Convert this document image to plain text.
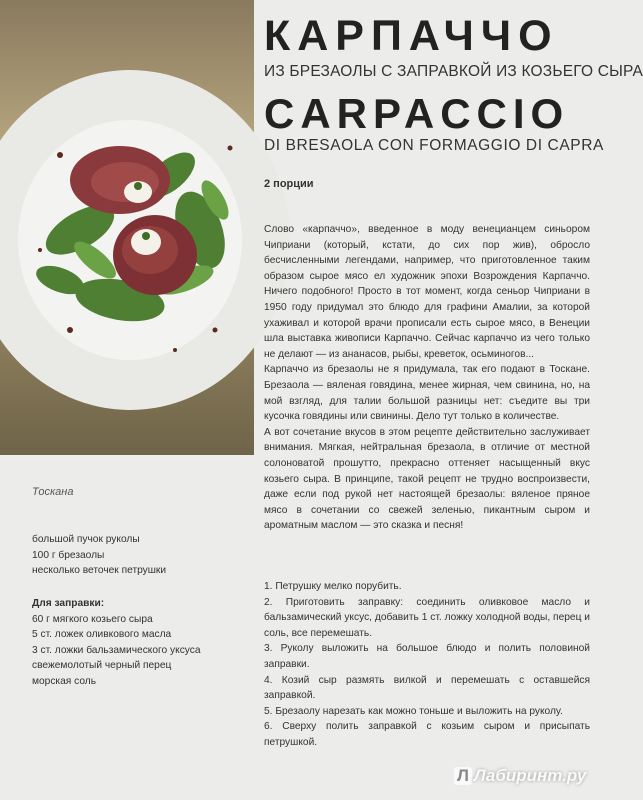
КАРПАЧЧО
ИЗ БРЕЗАОЛЫ С ЗАПРАВКОЙ ИЗ КОЗЬЕГО СЫРА
CARPACCIO
DI BRESAOLA CON FORMAGGIO DI CAPRA
2 порции

Слово «карпаччо», введенное в моду венецианцем синьором Чиприани (который, кстати, до сих пор жив), обросло бесчисленными легендами, например, что приготовленное таким образом сырое мясо ел художник эпохи Возрождения Карпаччо. Ничего подобного! Просто в тот момент, когда сеньор Чиприани в 1950 году придумал это блюдо для графини Амалии, за которой ухаживал и которой врачи прописали есть сырое мясо, в Венеции шла выставка живописи Карпаччо. Сейчас карпаччо из чего только не делают — из ананасов, рыбы, креветок, осьминогов...

Карпаччо из брезаолы не я придумала, так его подают в Тоскане. Брезаола — вяленая говядина, менее жирная, чем свинина, но, на мой взгляд, для талии большой разницы нет: съедите вы три кусочка говядины или свинины. Дело тут только в количестве.

А вот сочетание вкусов в этом рецепте действительно заслуживает внимания. Мягкая, нейтральная брезаола, в отличие от местной солоноватой прошутто, прекрасно оттеняет насыщенный вкус козьего сыра. В принципе, такой рецепт не трудно воспроизвести, даже если под рукой нет настоящей брезаолы: вяленое пряное мясо в сочетании со свежей зеленью, пикантным сыром и ароматным маслом — это сказка и песня!

Тоскана
большой пучок руколы
100 г брезаолы
несколько веточек петрушки
Для заправки:
60 г мягкого козьего сыра
5 ст. ложек оливкового масла
3 ст. ложки бальзамического уксуса
свежемолотый черный перец
морская соль
1. Петрушку мелко порубить.
2. Приготовить заправку: соединить оливковое масло и бальзамический уксус, добавить 1 ст. ложку холодной воды, перец и соль, все перемешать.
3. Руколу выложить на большое блюдо и полить половиной заправки.
4. Козий сыр размять вилкой и перемешать с оставшейся заправкой.
5. Брезаолу нарезать как можно тоньше и выложить на руколу.
6. Сверху полить заправкой с козьим сыром и присыпать петрушкой.
Л Лабиринт.ру
